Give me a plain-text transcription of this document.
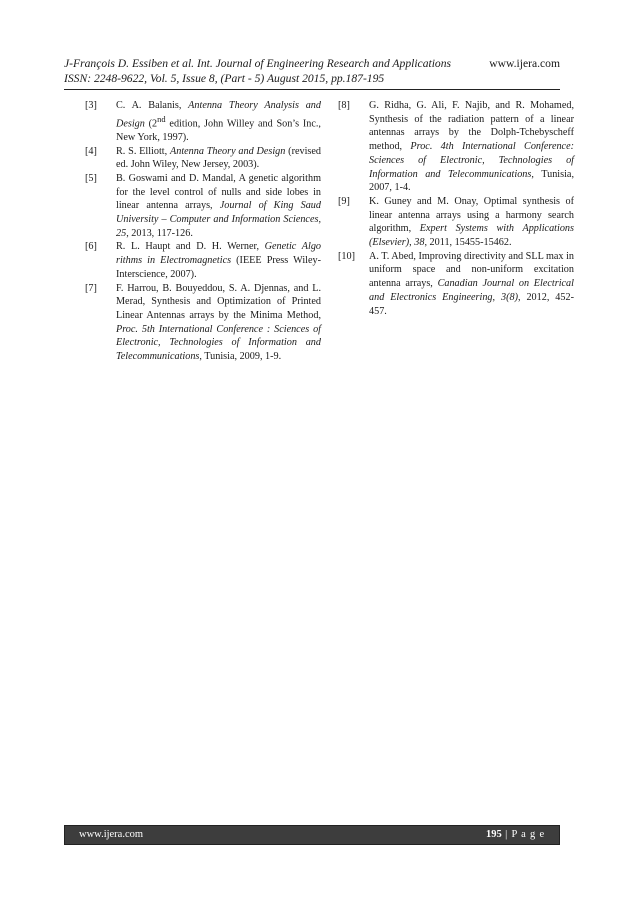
J-François D. Essiben et al. Int. Journal of Engineering Research and Applications	www.ijera.com
ISSN: 2248-9622, Vol. 5, Issue 8, (Part - 5) August 2015, pp.187-195
[3]	C. A. Balanis, Antenna Theory Analysis and Design (2nd edition, John Willey and Son’s Inc., New York, 1997).
[4]	R. S. Elliott, Antenna Theory and Design (revised ed. John Wiley, New Jersey, 2003).
[5]	B. Goswami and D. Mandal, A genetic algorithm for the level control of nulls and side lobes in linear antenna arrays, Journal of King Saud University – Computer and Information Sciences, 25, 2013, 117-126.
[6]	R. L. Haupt and D. H. Werner, Genetic Algo rithms in Electromagnetics (IEEE Press Wiley-Interscience, 2007).
[7]	F. Harrou, B. Bouyeddou, S. A. Djennas, and L. Merad, Synthesis and Optimization of Printed Linear Antennas arrays by the Minima Method, Proc. 5th International Conference : Sciences of Electronic, Technologies of Information and Telecommunications, Tunisia, 2009, 1-9.
[8]	G. Ridha, G. Ali, F. Najib, and R. Mohamed, Synthesis of the radiation pattern of a linear antennas arrays by the Dolph-Tchebyscheff method, Proc. 4th International Conference: Sciences of Electronic, Technologies of Information and Telecommunications, Tunisia, 2007, 1-4.
[9]	K. Guney and M. Onay, Optimal synthesis of linear antenna arrays using a harmony search algorithm, Expert Systems with Applications (Elsevier), 38, 2011, 15455-15462.
[10]	A. T. Abed, Improving directivity and SLL max in uniform space and non-uniform excitation antenna arrays, Canadian Journal on Electrical and Electronics Engineering, 3(8), 2012, 452-457.
www.ijera.com	195 | P a g e
